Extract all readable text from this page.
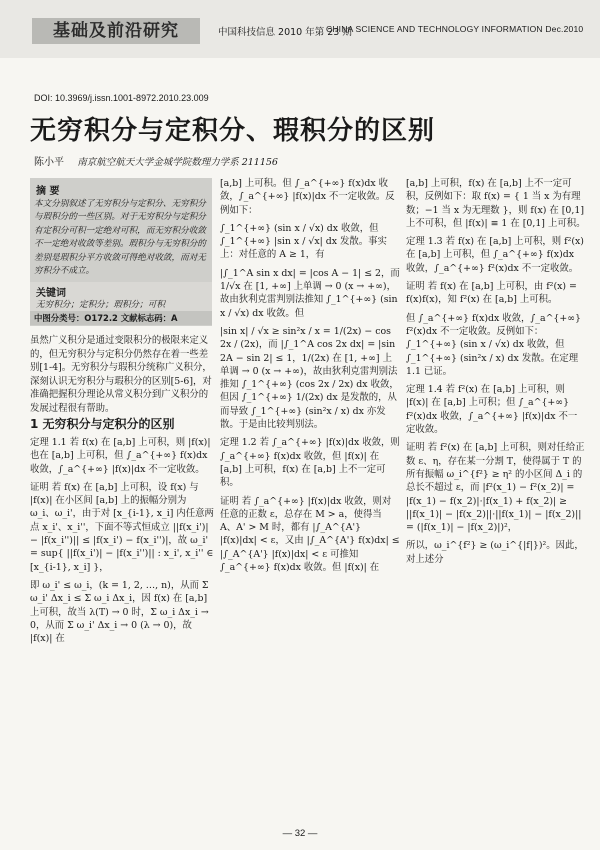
基础及前沿研究	中国科技信息 2010 年第 23 期
CHINA SCIENCE AND TECHNOLOGY INFORMATION Dec.2010
DOI: 10.3969/j.issn.1001-8972.2010.23.009
无穷积分与定积分、瑕积分的区别
陈小平 南京航空航天大学金城学院数理力学系 211156
摘 要
本文分别叙述了无穷积分与定积分、无穷积分与瑕积分的一些区别。对于无穷积分与定积分有定积分可积一定绝对可积，而无穷积分收敛不一定绝对收敛等差别。瑕积分与无穷积分的差别是瑕积分平方收敛可得绝对收敛，而对无穷积分不成立。
关键词
无穷积分；定积分；瑕积分；可积
中图分类号：O172.2 文献标志码：A

虽然广义积分是通过变限积分的极限来定义的，但无穷积分与定积分仍然存在着一些差别[1-4]。无穷积分与瑕积分统称广义积分，深刻认识无穷积分与瑕积分的区别[5-6]，对准确把握积分理论从常义积分到广义积分的发展过程很有帮助。

1 无穷积分与定积分的区别

定理 1.1 若 f(x) 在 [a,b] 上可积，则 |f(x)| 也在 [a,b] 上可积，但 ∫_a^{+∞} f(x)dx 收敛，∫_a^{+∞} |f(x)|dx 不一定收敛。

证明 若 f(x) 在 [a,b] 上可积，设 f(x) 与 |f(x)| 在小区间 [a,b] 上的振幅分别为 ω_i、ω_i'，由于对 [x_{i-1}, x_i] 内任意两点 x_i'、x_i''，下面不等式恒成立 ||f(x_i')| − |f(x_i'')|| ≤ |f(x_i') − f(x_i'')|，故 ω_i' = sup{ ||f(x_i')| − |f(x_i'')|| : x_i', x_i'' ∈ [x_{i-1}, x_i] }，

即 ω_i' ≤ ω_i，(k = 1, 2, …, n)，从而 Σ ω_i' Δx_i ≤ Σ ω_i Δx_i，因 f(x) 在 [a,b] 上可积，故当 λ(T) → 0 时，Σ ω_i Δx_i → 0，从而 Σ ω_i' Δx_i → 0 (λ → 0)，故 |f(x)| 在

[a,b] 上可积。但 ∫_a^{+∞} f(x)dx 收敛，∫_a^{+∞} |f(x)|dx 不一定收敛。反例如下：

∫_1^{+∞} (sin x / √x) dx 收敛，但 ∫_1^{+∞} |sin x / √x| dx 发散。事实上：对任意的 A ≥ 1，有

|∫_1^A sin x dx| = |cos A − 1| ≤ 2，而 1/√x 在 [1, +∞] 上单调 → 0 (x → +∞)，故由狄利克雷判别法推知 ∫_1^{+∞} (sin x / √x) dx 收敛。但

|sin x| / √x ≥ sin²x / x = 1/(2x) − cos 2x / (2x)，而 |∫_1^A cos 2x dx| = |sin 2A − sin 2| ≤ 1，1/(2x) 在 [1, +∞] 上单调 → 0 (x → +∞)，故由狄利克雷判别法推知 ∫_1^{+∞} (cos 2x / 2x) dx 收敛，但因 ∫_1^{+∞} 1/(2x) dx 是发散的，从而导致 ∫_1^{+∞} (sin²x / x) dx 亦发散。于是由比较判别法。

定理 1.2 若 ∫_a^{+∞} |f(x)|dx 收敛，则 ∫_a^{+∞} f(x)dx 收敛，但 |f(x)| 在 [a,b] 上可积，f(x) 在 [a,b] 上不一定可积。

证明 若 ∫_a^{+∞} |f(x)|dx 收敛，则对任意的正数 ε，总存在 M > a，使得当 A、A' > M 时，都有 |∫_A^{A'} |f(x)|dx| < ε，又由 |∫_A^{A'} f(x)dx| ≤ |∫_A^{A'} |f(x)|dx| < ε 可推知 ∫_a^{+∞} f(x)dx 收敛。但 |f(x)| 在

[a,b] 上可积，f(x) 在 [a,b] 上不一定可积，反例如下：取 f(x) = { 1 当 x 为有理数；−1 当 x 为无理数 }，则 f(x) 在 [0,1] 上不可积，但 |f(x)| ≡ 1 在 [0,1] 上可积。

定理 1.3 若 f(x) 在 [a,b] 上可积，则 f²(x) 在 [a,b] 上可积，但 ∫_a^{+∞} f(x)dx 收敛，∫_a^{+∞} f²(x)dx 不一定收敛。

证明 若 f(x) 在 [a,b] 上可积，由 f²(x) = f(x)f(x)，知 f²(x) 在 [a,b] 上可积。

但 ∫_a^{+∞} f(x)dx 收敛，∫_a^{+∞} f²(x)dx 不一定收敛。反例如下：∫_1^{+∞} (sin x / √x) dx 收敛，但 ∫_1^{+∞} (sin²x / x) dx 发散。在定理 1.1 已证。

定理 1.4 若 f²(x) 在 [a,b] 上可积，则 |f(x)| 在 [a,b] 上可积；但 ∫_a^{+∞} f²(x)dx 收敛，∫_a^{+∞} |f(x)|dx 不一定收敛。

证明 若 f²(x) 在 [a,b] 上可积，则对任给正数 ε、η，存在某一分割 T，使得属于 T 的所有振幅 ω_i^{f²} ≥ η² 的小区间 Δ_i 的总长不超过 ε，而 |f²(x_1) − f²(x_2)| = |f(x_1) − f(x_2)|·|f(x_1) + f(x_2)| ≥ ||f(x_1)| − |f(x_2)||·||f(x_1)| − |f(x_2)|| = (|f(x_1)| − |f(x_2)|)²，

所以，ω_i^{f²} ≥ (ω_i^{|f|})²。因此，对上述分

— 32 —
